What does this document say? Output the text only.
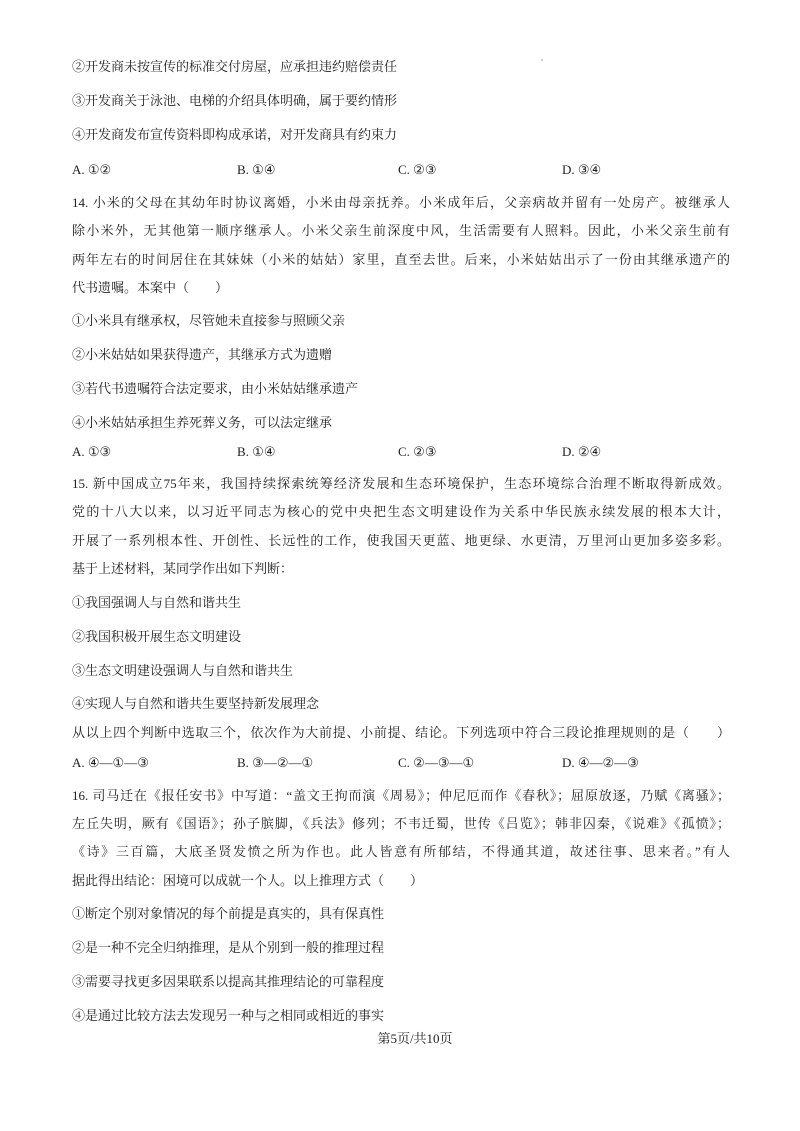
'
②开发商未按宣传的标准交付房屋，应承担违约赔偿责任
③开发商关于泳池、电梯的介绍具体明确，属于要约情形
④开发商发布宣传资料即构成承诺，对开发商具有约束力
A. ①②	B. ①④	C. ②③	D. ③④
14. 小米的父母在其幼年时协议离婚，小米由母亲抚养。小米成年后，父亲病故并留有一处房产。被继承人
除小米外，无其他第一顺序继承人。小米父亲生前深度中风，生活需要有人照料。因此，小米父亲生前有
两年左右的时间居住在其妹妹（小米的姑姑）家里，直至去世。后来，小米姑姑出示了一份由其继承遗产的
代书遗嘱。本案中（　　）
①小米具有继承权，尽管她未直接参与照顾父亲
②小米姑姑如果获得遗产，其继承方式为遗赠
③若代书遗嘱符合法定要求，由小米姑姑继承遗产
④小米姑姑承担生养死葬义务，可以法定继承
A. ①③	B. ①④	C. ②③	D. ②④
15. 新中国成立75年来，我国持续探索统筹经济发展和生态环境保护，生态环境综合治理不断取得新成效。
党的十八大以来，以习近平同志为核心的党中央把生态文明建设作为关系中华民族永续发展的根本大计，
开展了一系列根本性、开创性、长远性的工作，使我国天更蓝、地更绿、水更清，万里河山更加多姿多彩。
基于上述材料，某同学作出如下判断：
①我国强调人与自然和谐共生
②我国积极开展生态文明建设
③生态文明建设强调人与自然和谐共生
④实现人与自然和谐共生要坚持新发展理念
从以上四个判断中选取三个，依次作为大前提、小前提、结论。下列选项中符合三段论推理规则的是（　　）
A. ④—①—③	B. ③—②—①	C. ②—③—①	D. ④—②—③
16. 司马迁在《报任安书》中写道：“盖文王拘而演《周易》；仲尼厄而作《春秋》；屈原放逐，乃赋《离骚》；
左丘失明，厥有《国语》；孙子膑脚，《兵法》修列；不韦迁蜀，世传《吕览》；韩非囚秦，《说难》《孤愤》；
《诗》三百篇，大底圣贤发愤之所为作也。此人皆意有所郁结，不得通其道，故述往事、思来者。”有人
据此得出结论：困境可以成就一个人。以上推理方式（　　）
①断定个别对象情况的每个前提是真实的，具有保真性
②是一种不完全归纳推理，是从个别到一般的推理过程
③需要寻找更多因果联系以提高其推理结论的可靠程度
④是通过比较方法去发现另一种与之相同或相近的事实
第5页/共10页
